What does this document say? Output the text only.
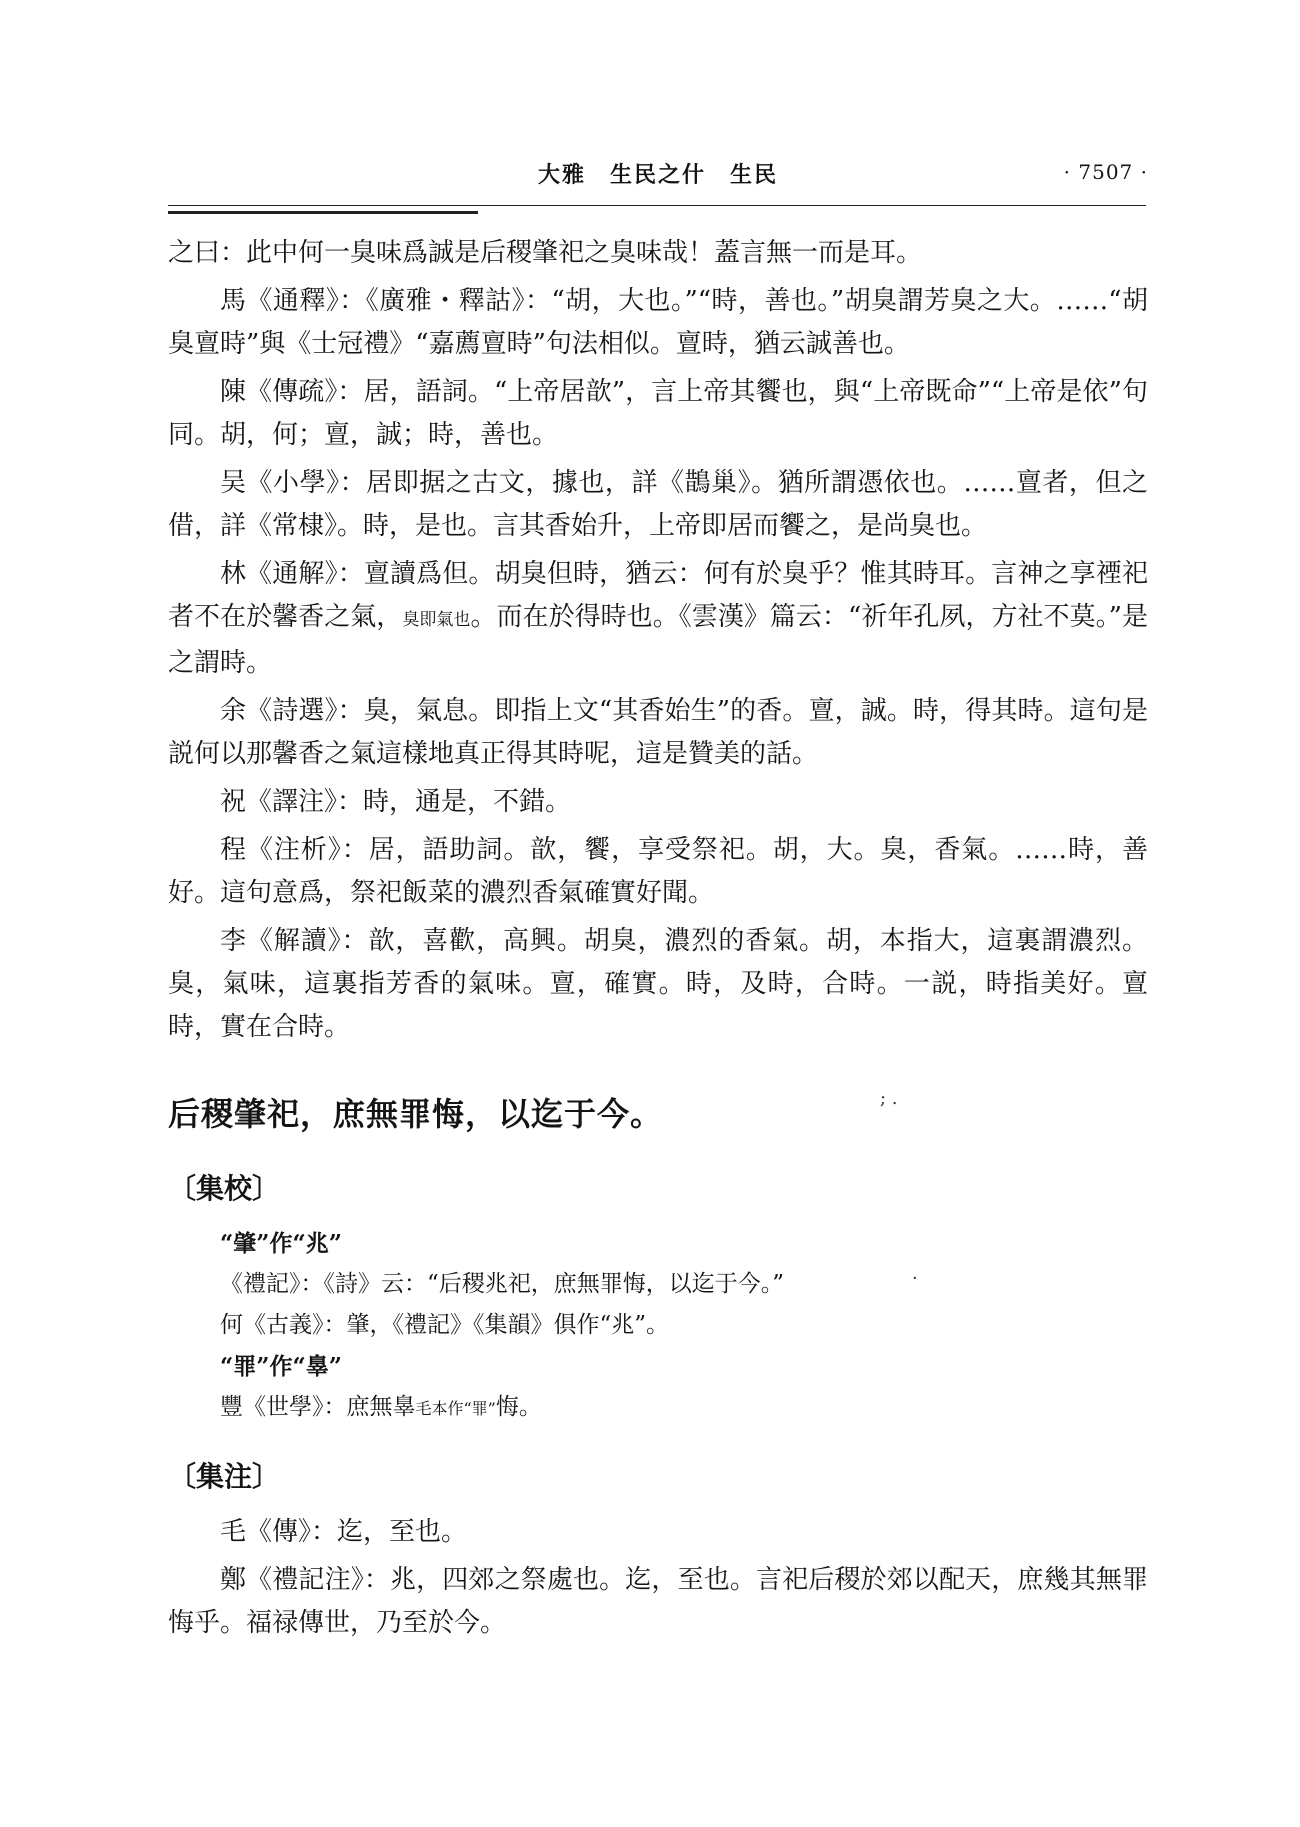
大雅　生民之什　生民	· 7507 ·

之曰：此中何一臭味爲誠是后稷肇祀之臭味哉！蓋言無一而是耳。

馬《通釋》：《廣雅・釋詁》：“胡，大也。”“時，善也。”胡臭謂芳臭之大。……“胡臭亶時”與《士冠禮》“嘉薦亶時”句法相似。亶時，猶云誠善也。

陳《傳疏》：居，語詞。“上帝居歆”，言上帝其饗也，與“上帝既命”“上帝是依”句同。胡，何；亶，誠；時，善也。

吴《小學》：居即据之古文，據也，詳《鵲巢》。猶所謂憑依也。……亶者，但之借，詳《常棣》。時，是也。言其香始升，上帝即居而饗之，是尚臭也。

林《通解》：亶讀爲但。胡臭但時，猶云：何有於臭乎？惟其時耳。言神之享禋祀者不在於馨香之氣，臭即氣也。而在於得時也。《雲漢》篇云：“祈年孔夙，方社不莫。”是之謂時。

余《詩選》：臭，氣息。即指上文“其香始生”的香。亶，誠。時，得其時。這句是説何以那馨香之氣這樣地真正得其時呢，這是贊美的話。

祝《譯注》：時，通是，不錯。

程《注析》：居，語助詞。歆，饗，享受祭祀。胡，大。臭，香氣。……時，善好。這句意爲，祭祀飯菜的濃烈香氣確實好聞。

李《解讀》：歆，喜歡，高興。胡臭，濃烈的香氣。胡，本指大，這裏謂濃烈。臭，氣味，這裏指芳香的氣味。亶，確實。時，及時，合時。一説，時指美好。亶時，實在合時。

后稷肇祀，庶無罪悔，以迄于今。
〔集校〕

“肇”作“兆”

《禮記》：《詩》云：“后稷兆祀，庶無罪悔，以迄于今。”

何《古義》：肇，《禮記》《集韻》俱作“兆”。

“罪”作“辠”

豐《世學》：庶無辠毛本作“罪”悔。

〔集注〕

毛《傳》：迄，至也。

鄭《禮記注》：兆，四郊之祭處也。迄，至也。言祀后稷於郊以配天，庶幾其無罪悔乎。福禄傳世，乃至於今。

; .
·
